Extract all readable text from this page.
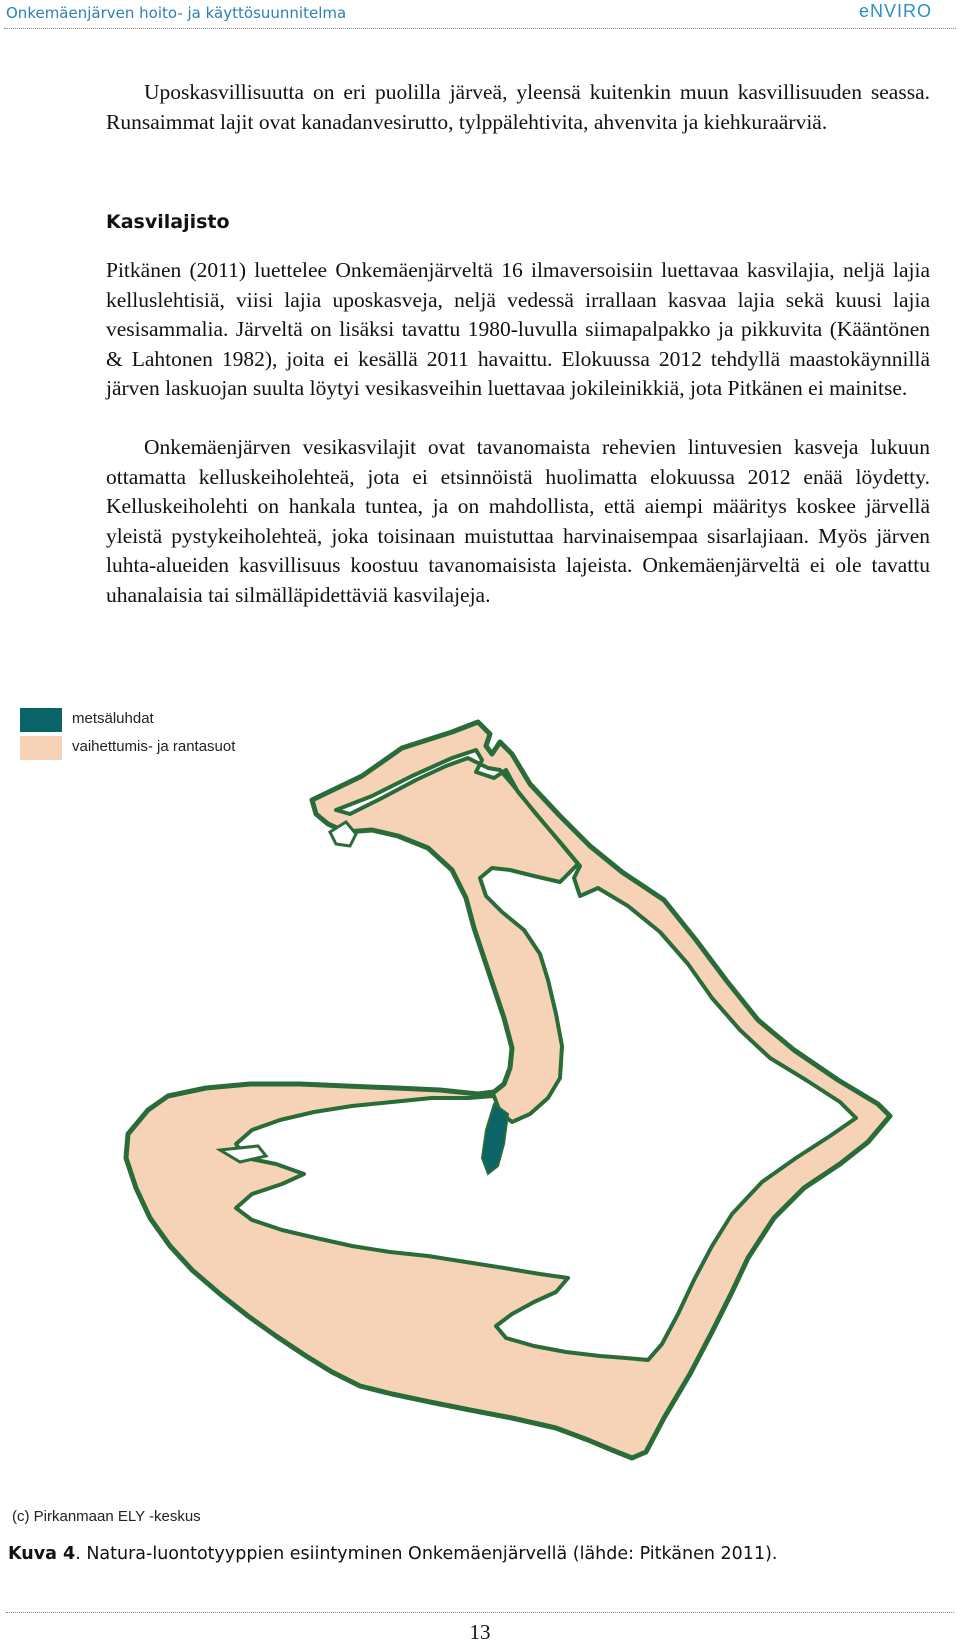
Onkemäenjärven hoito- ja käyttösuunnitelma	eNVIRO

Uposkasvillisuutta on eri puolilla järveä, yleensä kuitenkin muun kasvillisuuden seassa. Runsaimmat lajit ovat kanadanvesirutto, tylppälehtivita, ahvenvita ja kiehkuraärviä.

Kasvilajisto

Pitkänen (2011) luettelee Onkemäenjärveltä 16 ilmaversoisiin luettavaa kasvilajia, neljä lajia kelluslehtisiä, viisi lajia uposkasveja, neljä vedessä irrallaan kasvaa lajia sekä kuusi lajia vesisammalia. Järveltä on lisäksi tavattu 1980-luvulla siimapalpakko ja pikkuvita (Kääntönen & Lahtonen 1982), joita ei kesällä 2011 havaittu. Elokuussa 2012 tehdyllä maastokäynnillä järven laskuojan suulta löytyi vesikasveihin luettavaa jokileinikkiä, jota Pitkänen ei mainitse.

Onkemäenjärven vesikasvilajit ovat tavanomaista rehevien lintuvesien kasveja lukuun ottamatta kelluskeiholehteä, jota ei etsinnöistä huolimatta elokuussa 2012 enää löydetty. Kelluskeiholehti on hankala tuntea, ja on mahdollista, että aiempi määritys koskee järvellä yleistä pystykeiholehteä, joka toisinaan muistuttaa harvinaisempaa sisarlajiaan. Myös järven luhta-alueiden kasvillisuus koostuu tavanomaisista lajeista. Onkemäenjärveltä ei ole tavattu uhanalaisia tai silmälläpidettäviä kasvilajeja.

metsäluhdat
vaihettumis- ja rantasuot
(c) Pirkanmaan ELY -keskus
Kuva 4. Natura-luontotyyppien esiintyminen Onkemäenjärvellä (lähde: Pitkänen 2011).
13
